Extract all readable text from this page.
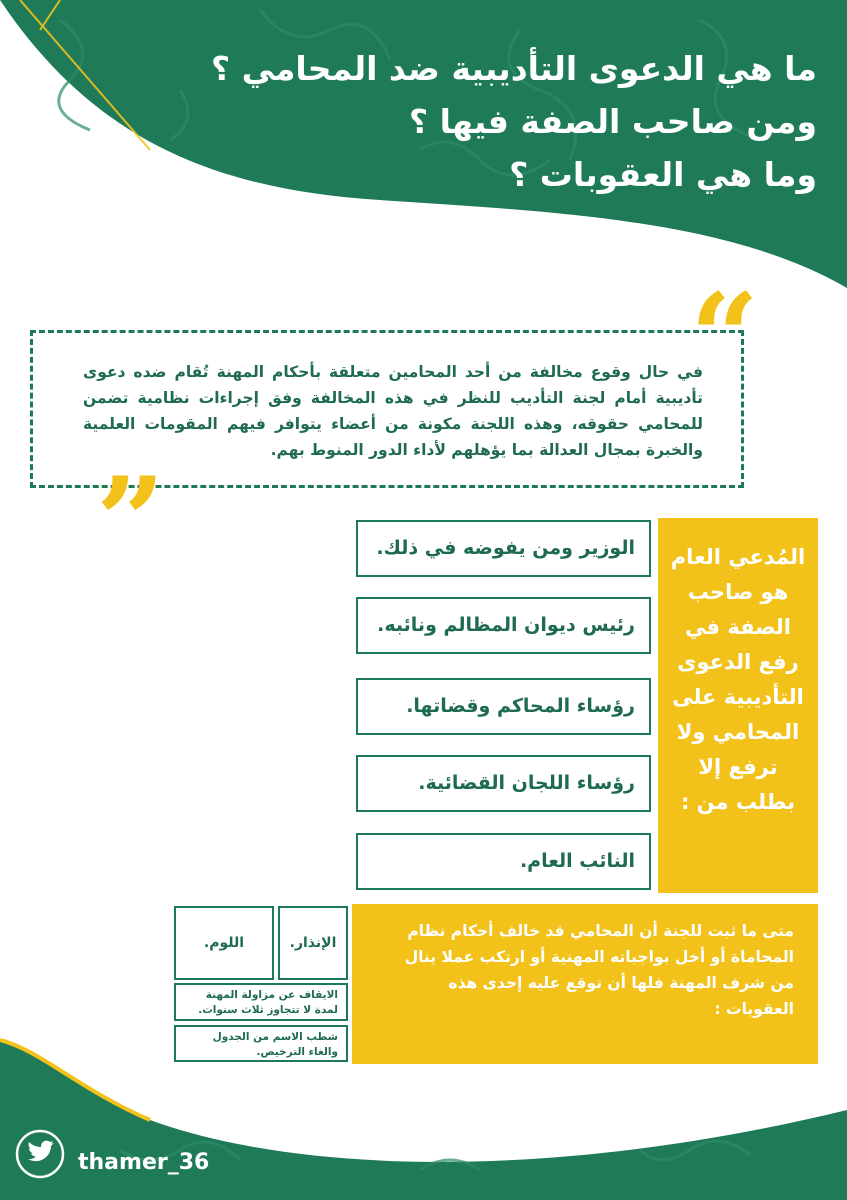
ما هي الدعوى التأديبية ضد المحامي ؟
ومن صاحب الصفة فيها ؟
وما هي العقوبات ؟
“
في حال وقوع مخالفة من أحد المحامين متعلقة بأحكام المهنة تُقام ضده دعوى تأديبية أمام لجنة التأديب للنظر في هذه المخالفة وفق إجراءات نظامية تضمن للمحامي حقوقه، وهذه اللجنة مكونة من أعضاء يتوافر فيهم المقومات العلمية والخبرة بمجال العدالة بما يؤهلهم لأداء الدور المنوط بهم.
”	المُدعي العام هو صاحب الصفة في رفع الدعوى التأديبية على المحامي ولا ترفع إلا بطلب من :
الوزير ومن يفوضه في ذلك.
رئيس ديوان المظالم ونائبه.
رؤساء المحاكم وقضاتها.
رؤساء اللجان القضائية.
النائب العام.
متى ما ثبت للجنة أن المحامي قد خالف أحكام نظام المحاماة أو أخل بواجباته المهنية أو ارتكب عملا ينال من شرف المهنة فلها أن توقع عليه إحدى هذه العقوبات :
الإنذار.
اللوم.
الايقاف عن مزاولة المهنة لمدة لا تتجاوز ثلاث سنوات.
شطب الاسم من الجدول والغاء الترخيص.
thamer_36
